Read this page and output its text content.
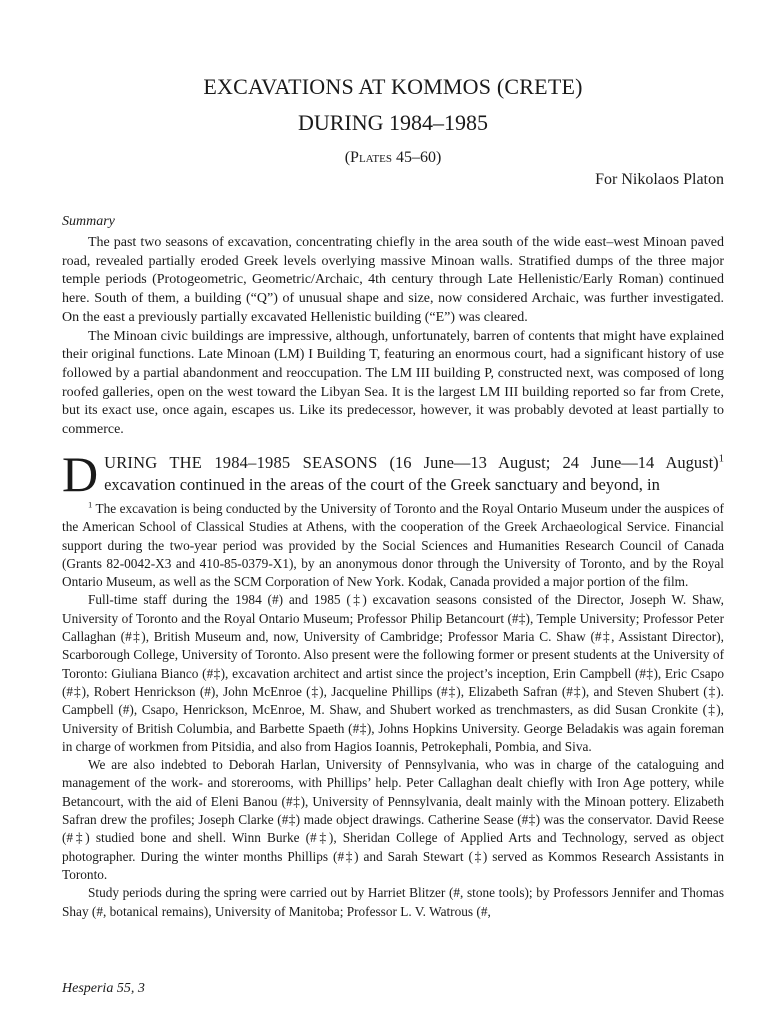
EXCAVATIONS AT KOMMOS (CRETE)
DURING 1984–1985
(Plates 45–60)
For Nikolaos Platon
Summary

The past two seasons of excavation, concentrating chiefly in the area south of the wide east–west Minoan paved road, revealed partially eroded Greek levels overlying massive Minoan walls. Stratified dumps of the three major temple periods (Protogeometric, Geometric/Archaic, 4th century through Late Hellenistic/Early Roman) continued here. South of them, a building (“Q”) of unusual shape and size, now considered Archaic, was further investigated. On the east a previously partially excavated Hellenistic building (“E”) was cleared.

The Minoan civic buildings are impressive, although, unfortunately, barren of contents that might have explained their original functions. Late Minoan (LM) I Building T, featuring an enormous court, had a significant history of use followed by a partial abandonment and reoccupation. The LM III building P, constructed next, was composed of long roofed galleries, open on the west toward the Libyan Sea. It is the largest LM III building reported so far from Crete, but its exact use, once again, escapes us. Like its predecessor, however, it was probably devoted at least partially to commerce.

DURING THE 1984–1985 SEASONS (16 June—13 August; 24 June—14 August)$^1$ excavation continued in the areas of the court of the Greek sanctuary and beyond, in

$^1$ The excavation is being conducted by the University of Toronto and the Royal Ontario Museum under the auspices of the American School of Classical Studies at Athens, with the cooperation of the Greek Archaeological Service. Financial support during the two-year period was provided by the Social Sciences and Humanities Research Council of Canada (Grants 82-0042-X3 and 410-85-0379-X1), by an anonymous donor through the University of Toronto, and by the Royal Ontario Museum, as well as the SCM Corporation of New York. Kodak, Canada provided a major portion of the film.

Full-time staff during the 1984 (#) and 1985 (‡) excavation seasons consisted of the Director, Joseph W. Shaw, University of Toronto and the Royal Ontario Museum; Professor Philip Betancourt (#‡), Temple University; Professor Peter Callaghan (#‡), British Museum and, now, University of Cambridge; Professor Maria C. Shaw (#‡, Assistant Director), Scarborough College, University of Toronto. Also present were the following former or present students at the University of Toronto: Giuliana Bianco (#‡), excavation architect and artist since the project’s inception, Erin Campbell (#‡), Eric Csapo (#‡), Robert Henrickson (#), John McEnroe (‡), Jacqueline Phillips (#‡), Elizabeth Safran (#‡), and Steven Shubert (‡). Campbell (#), Csapo, Henrickson, McEnroe, M. Shaw, and Shubert worked as trenchmasters, as did Susan Cronkite (‡), University of British Columbia, and Barbette Spaeth (#‡), Johns Hopkins University. George Beladakis was again foreman in charge of workmen from Pitsidia, and also from Hagios Ioannis, Petrokephali, Pombia, and Siva.

We are also indebted to Deborah Harlan, University of Pennsylvania, who was in charge of the cataloguing and management of the work- and storerooms, with Phillips’ help. Peter Callaghan dealt chiefly with Iron Age pottery, while Betancourt, with the aid of Eleni Banou (#‡), University of Pennsylvania, dealt mainly with the Minoan pottery. Elizabeth Safran drew the profiles; Joseph Clarke (#‡) made object drawings. Catherine Sease (#‡) was the conservator. David Reese (#‡) studied bone and shell. Winn Burke (#‡), Sheridan College of Applied Arts and Technology, served as object photographer. During the winter months Phillips (#‡) and Sarah Stewart (‡) served as Kommos Research Assistants in Toronto.

Study periods during the spring were carried out by Harriet Blitzer (#, stone tools); by Professors Jennifer and Thomas Shay (#, botanical remains), University of Manitoba; Professor L. V. Watrous (#,

Hesperia 55, 3
